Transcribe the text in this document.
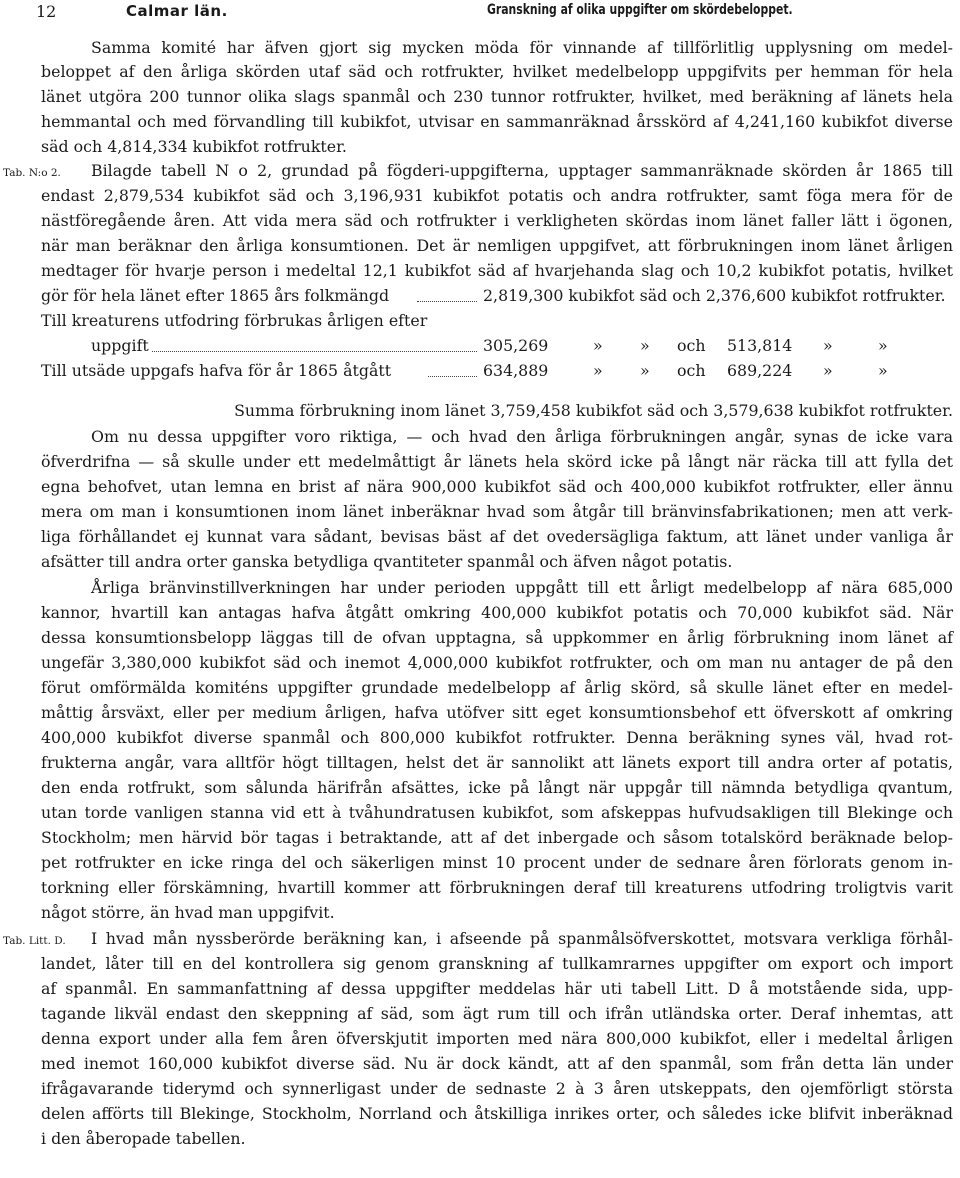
12	Calmar län.	Granskning af olika uppgifter om skördebeloppet.
Samma komité har äfven gjort sig mycken möda för vinnande af tillförlitlig upplysning om medel-
beloppet af den årliga skörden utaf säd och rotfrukter, hvilket medelbelopp uppgifvits per hemman för hela
länet utgöra 200 tunnor olika slags spanmål och 230 tunnor rotfrukter, hvilket, med beräkning af länets hela
hemmantal och med förvandling till kubikfot, utvisar en sammanräknad årsskörd af 4,241,160 kubikfot diverse
säd och 4,814,334 kubikfot rotfrukter.
Tab. N:o 2. Bilagde tabell N o 2, grundad på fögderi-uppgifterna, upptager sammanräknade skörden år 1865 till
endast 2,879,534 kubikfot säd och 3,196,931 kubikfot potatis och andra rotfrukter, samt föga mera för de
nästföregående åren. Att vida mera säd och rotfrukter i verkligheten skördas inom länet faller lätt i ögonen,
när man beräknar den årliga konsumtionen. Det är nemligen uppgifvet, att förbrukningen inom länet årligen
medtager för hvarje person i medeltal 12,1 kubikfot säd af hvarjehanda slag och 10,2 kubikfot potatis, hvilket
gör för hela länet efter 1865 års folkmängd	2,819,300 kubikfot säd och 2,376,600 kubikfot rotfrukter.
Till kreaturens utfodring förbrukas årligen efter
uppgift	305,269	» » och 513,814 »	»
Till utsäde uppgafs hafva för år 1865 åtgått	634,889	» » och 689,224 »	»
Summa förbrukning inom länet 3,759,458 kubikfot säd och 3,579,638 kubikfot rotfrukter.
Om nu dessa uppgifter voro riktiga, — och hvad den årliga förbrukningen angår, synas de icke vara
öfverdrifna — så skulle under ett medelmåttigt år länets hela skörd icke på långt när räcka till att fylla det
egna behofvet, utan lemna en brist af nära 900,000 kubikfot säd och 400,000 kubikfot rotfrukter, eller ännu
mera om man i konsumtionen inom länet inberäknar hvad som åtgår till bränvinsfabrikationen; men att verk-
liga förhållandet ej kunnat vara sådant, bevisas bäst af det ovedersägliga faktum, att länet under vanliga år
afsätter till andra orter ganska betydliga qvantiteter spanmål och äfven något potatis.
Årliga bränvinstillverkningen har under perioden uppgått till ett årligt medelbelopp af nära 685,000
kannor, hvartill kan antagas hafva åtgått omkring 400,000 kubikfot potatis och 70,000 kubikfot säd. När
dessa konsumtionsbelopp läggas till de ofvan upptagna, så uppkommer en årlig förbrukning inom länet af
ungefär 3,380,000 kubikfot säd och inemot 4,000,000 kubikfot rotfrukter, och om man nu antager de på den
förut omförmälda komiténs uppgifter grundade medelbelopp af årlig skörd, så skulle länet efter en medel-
måttig årsväxt, eller per medium årligen, hafva utöfver sitt eget konsumtionsbehof ett öfverskott af omkring
400,000 kubikfot diverse spanmål och 800,000 kubikfot rotfrukter. Denna beräkning synes väl, hvad rot-
frukterna angår, vara alltför högt tilltagen, helst det är sannolikt att länets export till andra orter af potatis,
den enda rotfrukt, som sålunda härifrån afsättes, icke på långt när uppgår till nämnda betydliga qvantum,
utan torde vanligen stanna vid ett à tvåhundratusen kubikfot, som afskeppas hufvudsakligen till Blekinge och
Stockholm; men härvid bör tagas i betraktande, att af det inbergade och såsom totalskörd beräknade belop-
pet rotfrukter en icke ringa del och säkerligen minst 10 procent under de sednare åren förlorats genom in-
torkning eller förskämning, hvartill kommer att förbrukningen deraf till kreaturens utfodring troligtvis varit
något större, än hvad man uppgifvit.
Tab. Litt. D. I hvad mån nyssberörde beräkning kan, i afseende på spanmålsöfverskottet, motsvara verkliga förhål-
landet, låter till en del kontrollera sig genom granskning af tullkamrarnes uppgifter om export och import
af spanmål. En sammanfattning af dessa uppgifter meddelas här uti tabell Litt. D å motstående sida, upp-
tagande likväl endast den skeppning af säd, som ägt rum till och ifrån utländska orter. Deraf inhemtas, att
denna export under alla fem åren öfverskjutit importen med nära 800,000 kubikfot, eller i medeltal årligen
med inemot 160,000 kubikfot diverse säd. Nu är dock kändt, att af den spanmål, som från detta län under
ifrågavarande tiderymd och synnerligast under de sednaste 2 à 3 åren utskeppats, den ojemförligt största
delen afförts till Blekinge, Stockholm, Norrland och åtskilliga inrikes orter, och således icke blifvit inberäknad
i den åberopade tabellen.
